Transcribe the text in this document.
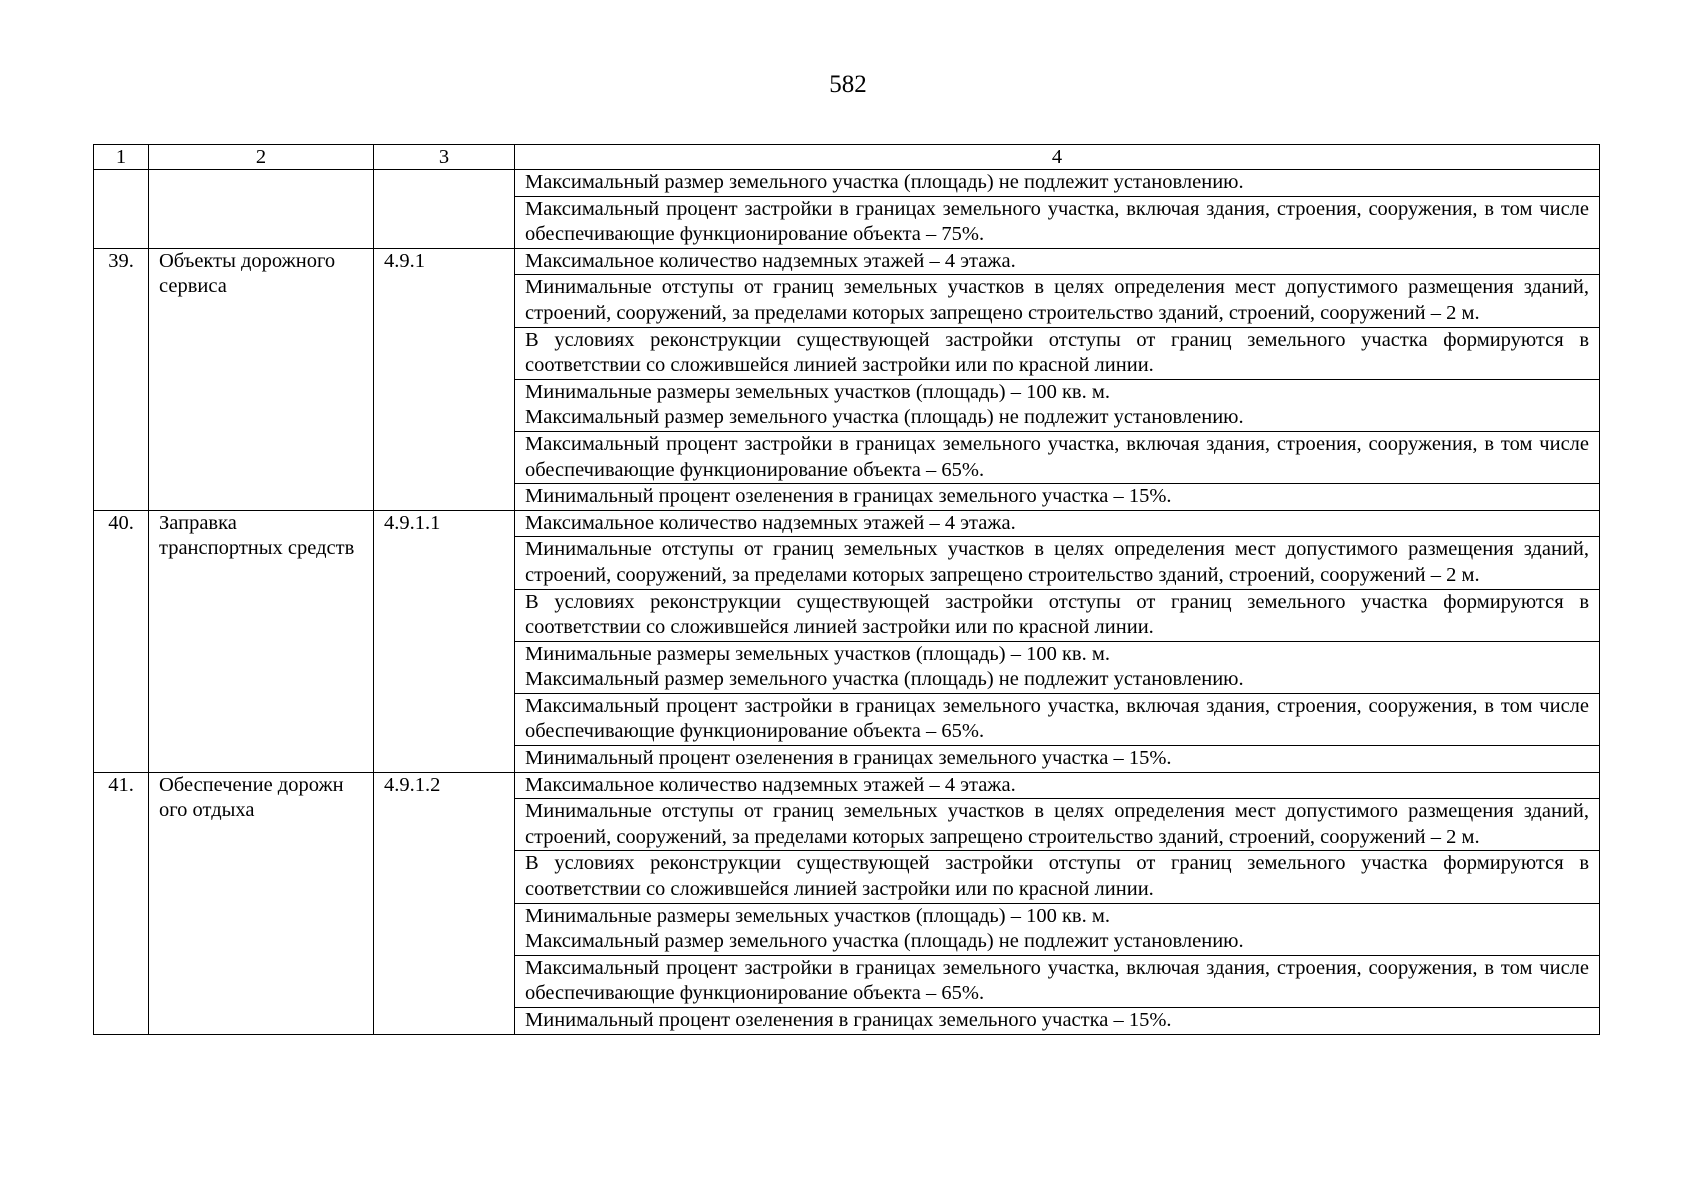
582
1	2	3	4

			Максимальный размер земельного участка (площадь) не подлежит установлению.

			Максимальный процент застройки в границах земельного участка, включая здания, строения, сооружения, в том числе обеспечивающие функционирование объекта – 75%.

39.	Объекты дорожного сервиса	4.9.1	Максимальное количество надземных этажей – 4 этажа.

			Минимальные отступы от границ земельных участков в целях определения мест допустимого размещения зданий, строений, сооружений, за пределами которых запрещено строительство зданий, строений, сооружений – 2 м.

			В условиях реконструкции существующей застройки отступы от границ земельного участка формируются в соответствии со сложившейся линией застройки или по красной линии.

			Минимальные размеры земельных участков (площадь) – 100 кв. м.
Максимальный размер земельного участка (площадь) не подлежит установлению.

			Максимальный процент застройки в границах земельного участка, включая здания, строения, сооружения, в том числе обеспечивающие функционирование объекта – 65%.

			Минимальный процент озеленения в границах земельного участка – 15%.

40.	Заправка транспортных средств	4.9.1.1	Максимальное количество надземных этажей – 4 этажа.

			Минимальные отступы от границ земельных участков в целях определения мест допустимого размещения зданий, строений, сооружений, за пределами которых запрещено строительство зданий, строений, сооружений – 2 м.

			В условиях реконструкции существующей застройки отступы от границ земельного участка формируются в соответствии со сложившейся линией застройки или по красной линии.

			Минимальные размеры земельных участков (площадь) – 100 кв. м.
Максимальный размер земельного участка (площадь) не подлежит установлению.

			Максимальный процент застройки в границах земельного участка, включая здания, строения, сооружения, в том числе обеспечивающие функционирование объекта – 65%.

			Минимальный процент озеленения в границах земельного участка – 15%.

41.	Обеспечение дорожн ого отдыха	4.9.1.2	Максимальное количество надземных этажей – 4 этажа.

			Минимальные отступы от границ земельных участков в целях определения мест допустимого размещения зданий, строений, сооружений, за пределами которых запрещено строительство зданий, строений, сооружений – 2 м.

			В условиях реконструкции существующей застройки отступы от границ земельного участка формируются в соответствии со сложившейся линией застройки или по красной линии.

			Минимальные размеры земельных участков (площадь) – 100 кв. м.
Максимальный размер земельного участка (площадь) не подлежит установлению.

			Максимальный процент застройки в границах земельного участка, включая здания, строения, сооружения, в том числе обеспечивающие функционирование объекта – 65%.

			Минимальный процент озеленения в границах земельного участка – 15%.
